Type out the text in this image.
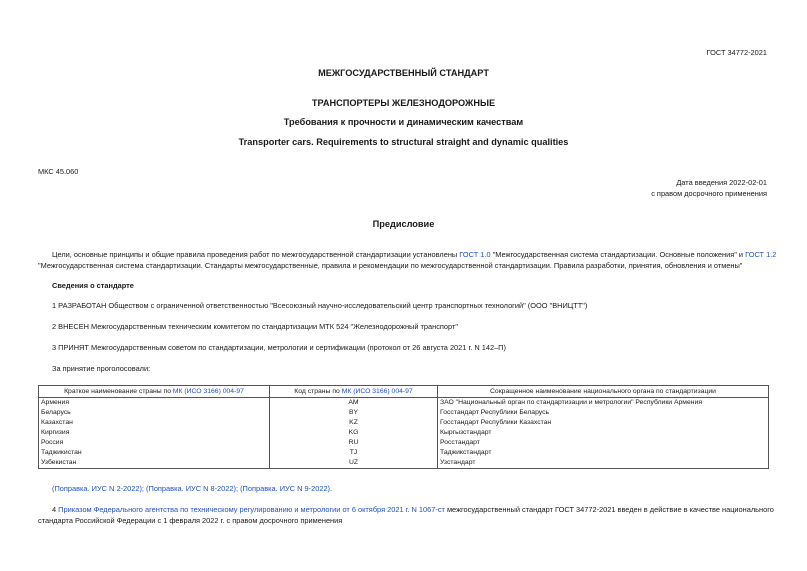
ГОСТ 34772-2021
МЕЖГОСУДАРСТВЕННЫЙ СТАНДАРТ
ТРАНСПОРТЕРЫ ЖЕЛЕЗНОДОРОЖНЫЕ
Требования к прочности и динамическим качествам
Transporter cars. Requirements to structural straight and dynamic qualities
МКС 45.060
Дата введения 2022-02-01
с правом досрочного применения
Предисловие
Цели, основные принципы и общие правила проведения работ по межгосударственной стандартизации установлены ГОСТ 1.0 "Межгосударственная система стандартизации. Основные положения" и ГОСТ 1.2
"Межгосударственная система стандартизации. Стандарты межгосударственные, правила и рекомендации по межгосударственной стандартизации. Правила разработки, принятия, обновления и отмены"
Сведения о стандарте
1 РАЗРАБОТАН Обществом с ограниченной ответственностью "Всесоюзный научно-исследовательский центр транспортных технологий" (ООО "ВНИЦТТ")
2 ВНЕСЕН Межгосударственным техническим комитетом по стандартизации МТК 524 "Железнодорожный транспорт"
3 ПРИНЯТ Межгосударственным советом по стандартизации, метрологии и сертификации (протокол от 26 августа 2021 г. N 142–П)
За принятие проголосовали:
Краткое наименование страны по МК (ИСО 3166) 004-97	Код страны по МК (ИСО 3166) 004-97	Сокращенное наименование национального органа по стандартизации
Армения	AM	ЗАО "Национальный орган по стандартизации и метрологии" Республики Армения
Беларусь	BY	Госстандарт Республики Беларусь
Казахстан	KZ	Госстандарт Республики Казахстан
Киргизия	KG	Кыргызстандарт
Россия	RU	Росстандарт
Таджикистан	TJ	Таджикстандарт
Узбекистан	UZ	Узстандарт
(Поправка. ИУС N 2-2022); (Поправка. ИУС N 8-2022); (Поправка. ИУС N 9-2022).
4 Приказом Федерального агентства по техническому регулированию и метрологии от 6 октября 2021 г. N 1067-ст межгосударственный стандарт ГОСТ 34772-2021 введен в действие в качестве национального
стандарта Российской Федерации с 1 февраля 2022 г. с правом досрочного применения
